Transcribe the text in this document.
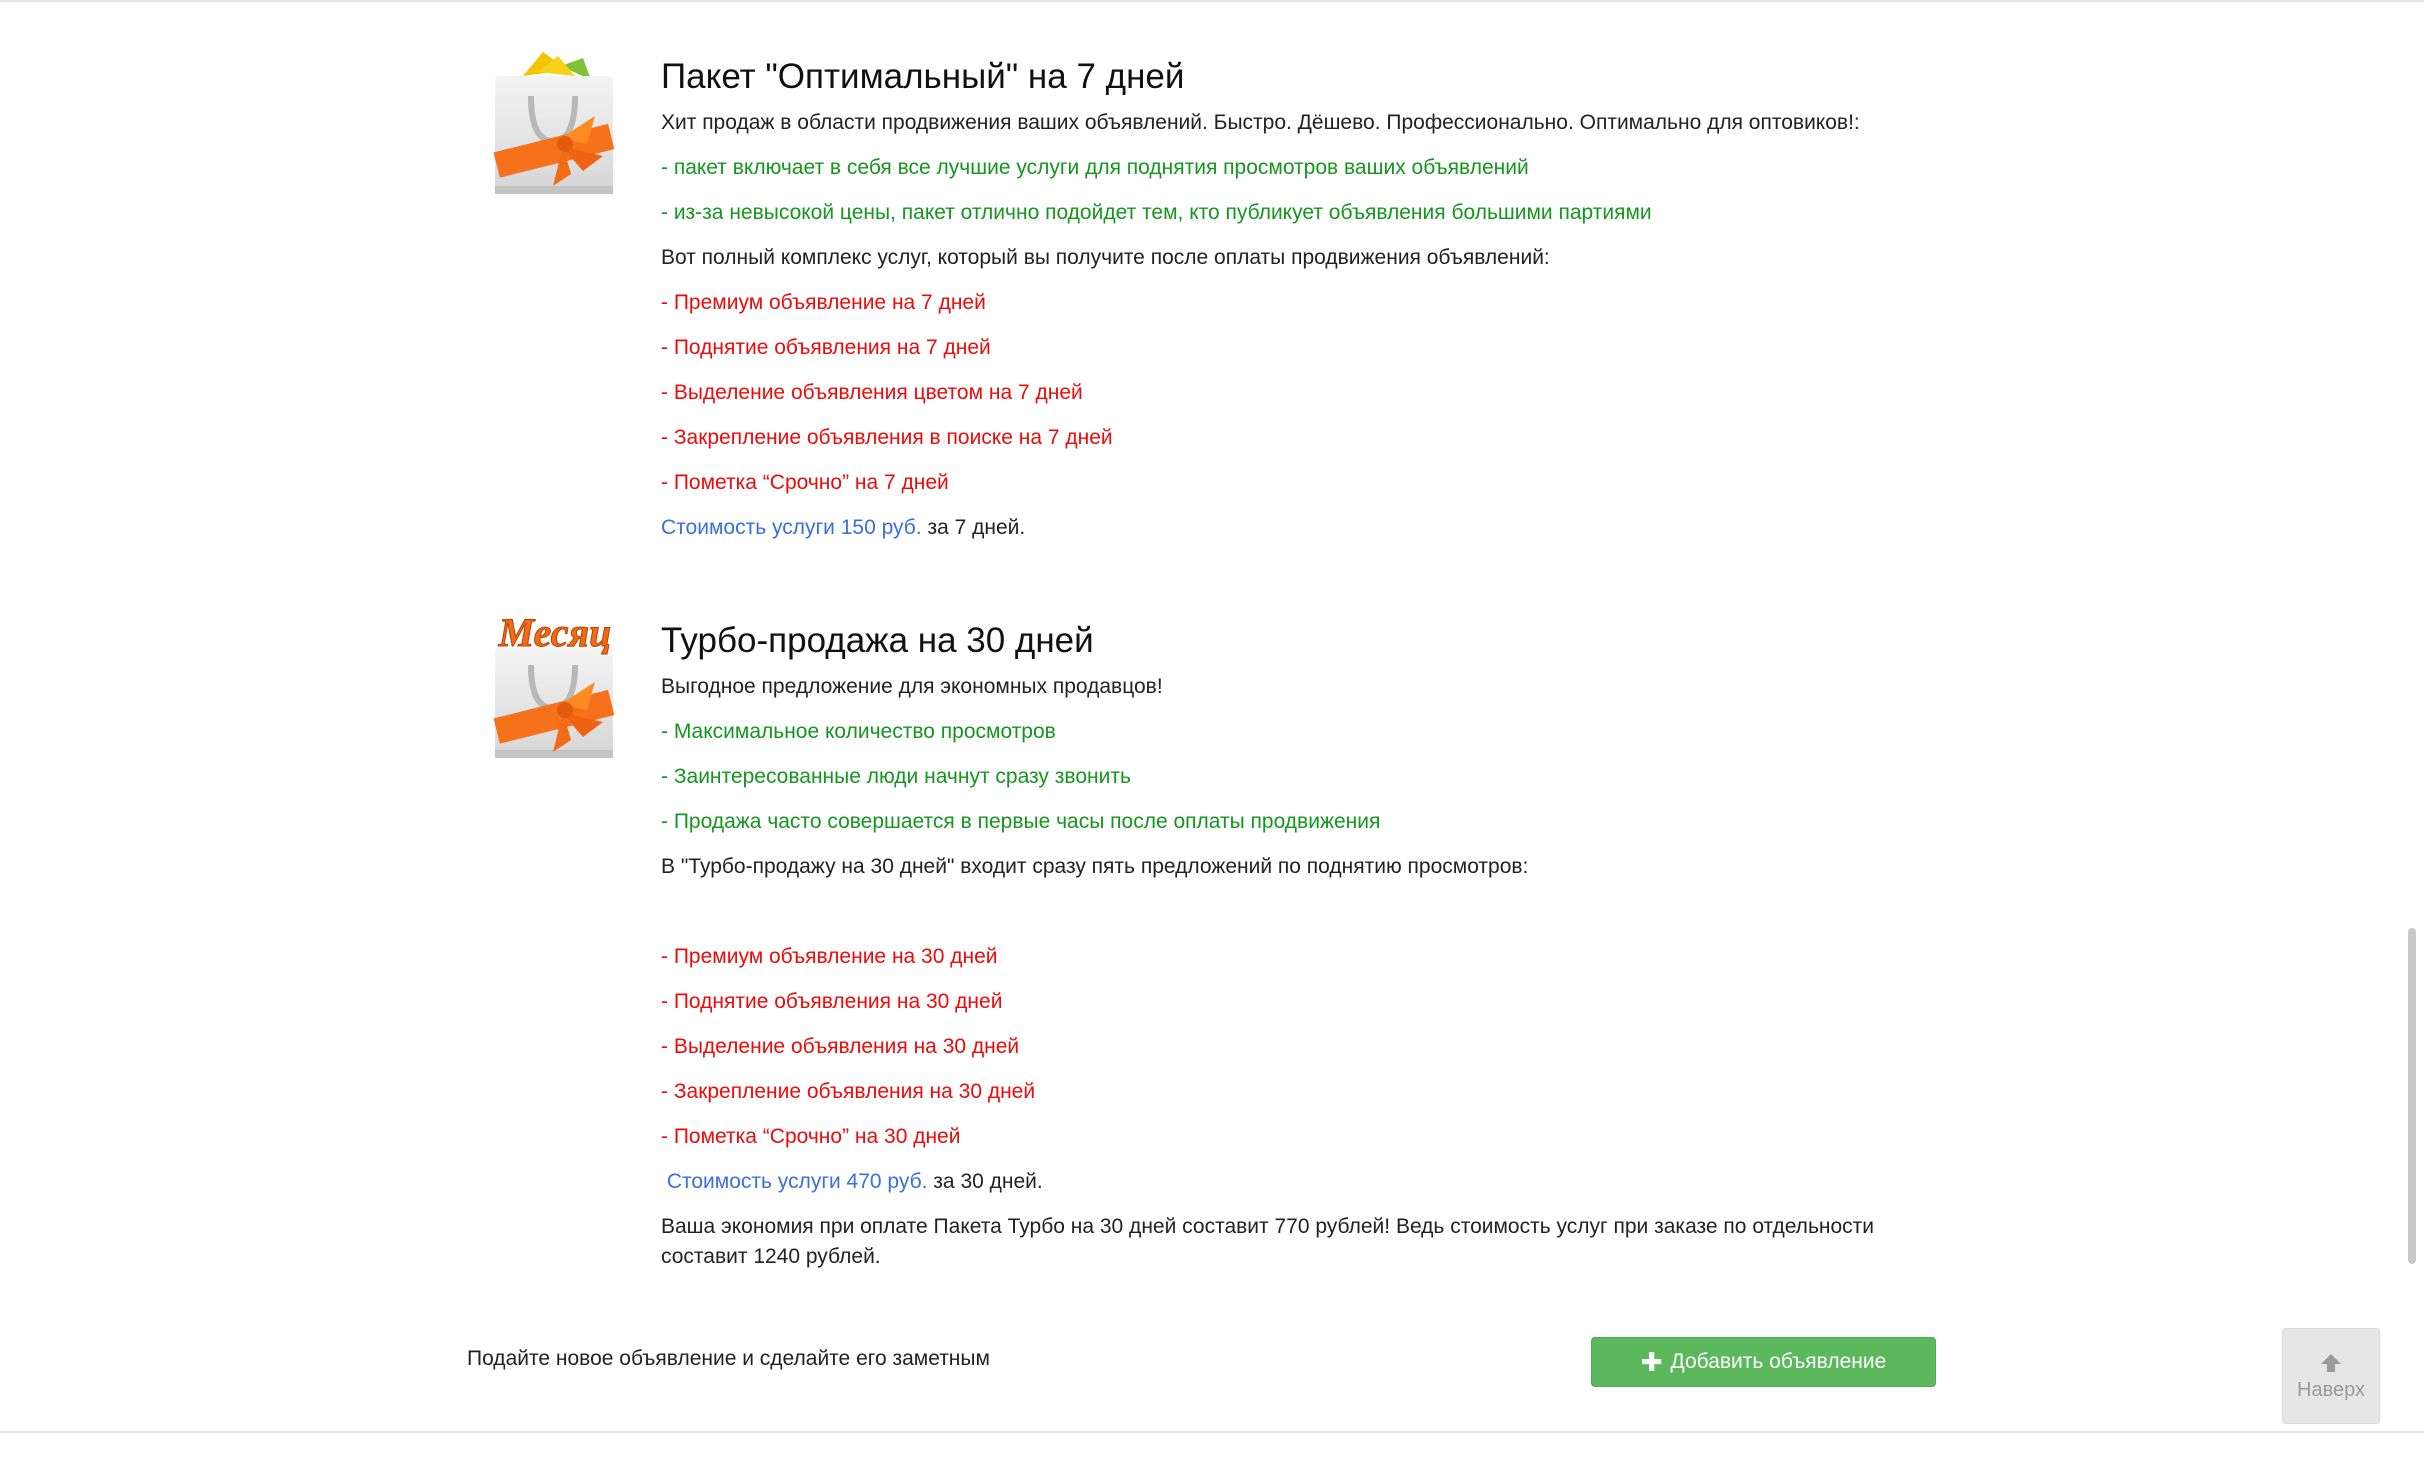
Пакет "Оптимальный" на 7 дней
Хит продаж в области продвижения ваших объявлений. Быстро. Дёшево. Профессионально. Оптимально для оптовиков!:
- пакет включает в себя все лучшие услуги для поднятия просмотров ваших объявлений
- из-за невысокой цены, пакет отлично подойдет тем, кто публикует объявления большими партиями
Вот полный комплекс услуг, который вы получите после оплаты продвижения объявлений:
- Премиум объявление на 7 дней
- Поднятие объявления на 7 дней
- Выделение объявления цветом на 7 дней
- Закрепление объявления в поиске на 7 дней
- Пометка “Срочно” на 7 дней
Стоимость услуги 150 руб. за 7 дней.
Месяц Турбо-продажа на 30 дней
Выгодное предложение для экономных продавцов!
- Максимальное количество просмотров
- Заинтересованные люди начнут сразу звонить
- Продажа часто совершается в первые часы после оплаты продвижения
В "Турбо-продажу на 30 дней" входит сразу пять предложений по поднятию просмотров:
- Премиум объявление на 30 дней
- Поднятие объявления на 30 дней
- Выделение объявления на 30 дней
- Закрепление объявления на 30 дней
- Пометка “Срочно” на 30 дней
Стоимость услуги 470 руб. за 30 дней.
Ваша экономия при оплате Пакета Турбо на 30 дней составит 770 рублей! Ведь стоимость услуг при заказе по отдельности составит 1240 рублей.
Подайте новое объявление и сделайте его заметным	✚ Добавить объявление
Наверх
